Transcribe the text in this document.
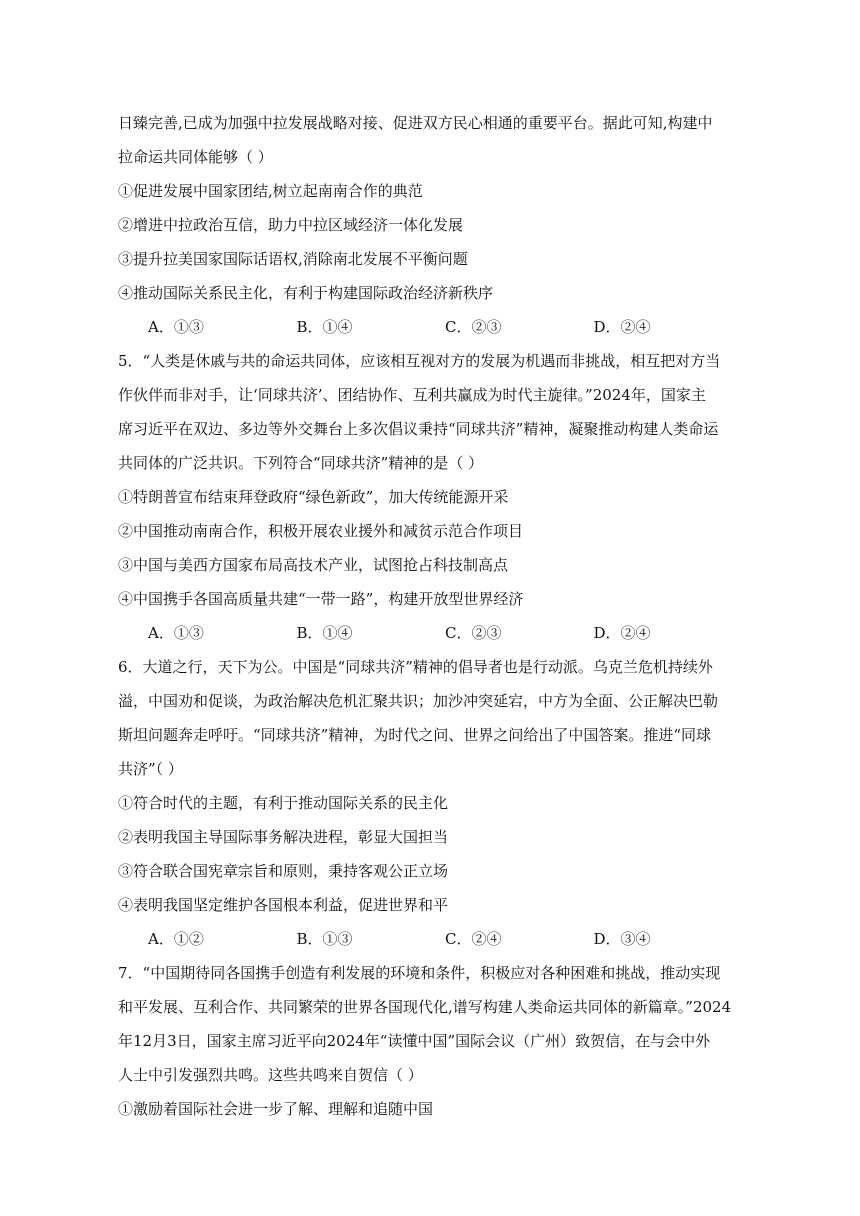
日臻完善,已成为加强中拉发展战略对接、促进双方民心相通的重要平台。据此可知,构建中
拉命运共同体能够（ ）
①促进发展中国家团结,树立起南南合作的典范
②增进中拉政治互信，助力中拉区域经济一体化发展
③提升拉美国家国际话语权,消除南北发展不平衡问题
④推动国际关系民主化，有利于构建国际政治经济新秩序
A．①③	B．①④	C．②③	D．②④
5．“人类是休戚与共的命运共同体，应该相互视对方的发展为机遇而非挑战，相互把对方当
作伙伴而非对手，让‘同球共济’、团结协作、互利共赢成为时代主旋律。”2024年，国家主
席习近平在双边、多边等外交舞台上多次倡议秉持“同球共济”精神，凝聚推动构建人类命运
共同体的广泛共识。下列符合“同球共济”精神的是（ ）
①特朗普宣布结束拜登政府“绿色新政”，加大传统能源开采
②中国推动南南合作，积极开展农业援外和减贫示范合作项目
③中国与美西方国家布局高技术产业，试图抢占科技制高点
④中国携手各国高质量共建“一带一路”，构建开放型世界经济
A．①③	B．①④	C．②③	D．②④
6．大道之行，天下为公。中国是“同球共济”精神的倡导者也是行动派。乌克兰危机持续外
溢，中国劝和促谈，为政治解决危机汇聚共识；加沙冲突延宕，中方为全面、公正解决巴勒
斯坦问题奔走呼吁。“同球共济”精神，为时代之问、世界之问给出了中国答案。推进“同球
共济”（ ）
①符合时代的主题，有利于推动国际关系的民主化
②表明我国主导国际事务解决进程，彰显大国担当
③符合联合国宪章宗旨和原则，秉持客观公正立场
④表明我国坚定维护各国根本利益，促进世界和平
A．①②	B．①③	C．②④	D．③④
7．“中国期待同各国携手创造有利发展的环境和条件，积极应对各种困难和挑战，推动实现
和平发展、互利合作、共同繁荣的世界各国现代化,谱写构建人类命运共同体的新篇章。”2024
年12月3日，国家主席习近平向2024年“读懂中国”国际会议（广州）致贺信，在与会中外
人士中引发强烈共鸣。这些共鸣来自贺信（ ）
①激励着国际社会进一步了解、理解和追随中国
